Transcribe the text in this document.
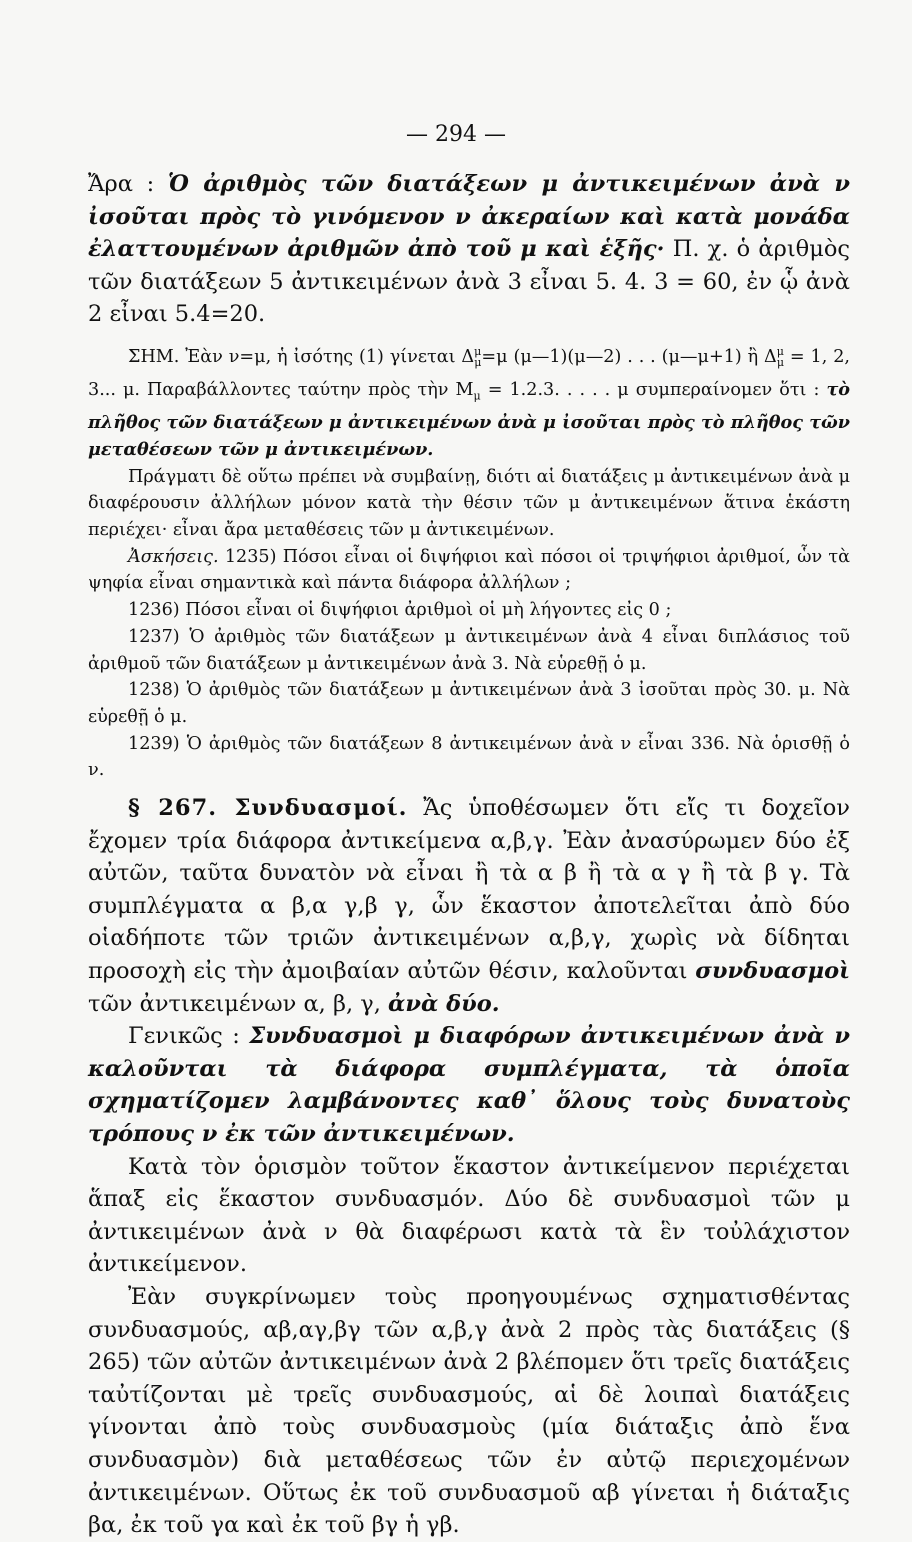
— 294 —

Ἄρα : Ὁ ἀριθμὸς τῶν διατάξεων μ ἀντικειμένων ἀνὰ ν ἰσοῦται πρὸς τὸ γινόμενον ν ἀκεραίων καὶ κατὰ μονάδα ἐλαττουμένων ἀριθμῶν ἀπὸ τοῦ μ καὶ ἑξῆς· Π. χ. ὁ ἀριθμὸς τῶν διατάξεων 5 ἀντικειμένων ἀνὰ 3 εἶναι 5. 4. 3 = 60, ἐν ᾧ ἀνὰ 2 εἶναι 5.4=20.

ΣΗΜ. Ἐὰν ν=μ, ἡ ἰσότης (1) γίνεται $\Delta^\mu_\mu=\mu$ (μ—1)(μ—2) . . . (μ—μ+1) ἢ $\Delta^\mu_\mu = 1$, 2, 3... μ. Παραβάλλοντες ταύτην πρὸς τὴν $M_\mu = 1.2.3$. . . . . μ συμπεραίνομεν ὅτι : τὸ πλῆθος τῶν διατάξεων μ ἀντικειμένων ἀνὰ μ ἰσοῦται πρὸς τὸ πλῆθος τῶν μεταθέσεων τῶν μ ἀντικειμένων.

Πράγματι δὲ οὕτω πρέπει νὰ συμβαίνῃ, διότι αἱ διατάξεις μ ἀντικειμένων ἀνὰ μ διαφέρουσιν ἀλλήλων μόνον κατὰ τὴν θέσιν τῶν μ ἀντικειμένων ἅτινα ἑκάστη περιέχει· εἶναι ἄρα μεταθέσεις τῶν μ ἀντικειμένων.

Ἀσκήσεις. 1235) Πόσοι εἶναι οἱ διψήφιοι καὶ πόσοι οἱ τριψήφιοι ἀριθμοί, ὧν τὰ ψηφία εἶναι σημαντικὰ καὶ πάντα διάφορα ἀλλήλων ;

1236) Πόσοι εἶναι οἱ διψήφιοι ἀριθμοὶ οἱ μὴ λήγοντες εἰς 0 ;

1237) Ὁ ἀριθμὸς τῶν διατάξεων μ ἀντικειμένων ἀνὰ 4 εἶναι διπλάσιος τοῦ ἀριθμοῦ τῶν διατάξεων μ ἀντικειμένων ἀνὰ 3. Νὰ εὑρεθῇ ὁ μ.

1238) Ὁ ἀριθμὸς τῶν διατάξεων μ ἀντικειμένων ἀνὰ 3 ἰσοῦται πρὸς 30. μ. Νὰ εὑρεθῇ ὁ μ.

1239) Ὁ ἀριθμὸς τῶν διατάξεων 8 ἀντικειμένων ἀνὰ ν εἶναι 336. Νὰ ὁρισθῇ ὁ ν.

§ 267. Συνδυασμοί. Ἄς ὑποθέσωμεν ὅτι εἴς τι δοχεῖον ἔχομεν τρία διάφορα ἀντικείμενα α,β,γ. Ἐὰν ἀνασύρωμεν δύο ἐξ αὐτῶν, ταῦτα δυνατὸν νὰ εἶναι ἢ τὰ α β ἢ τὰ α γ ἢ τὰ β γ. Τὰ συμπλέγματα α β,α γ,β γ, ὧν ἕκαστον ἀποτελεῖται ἀπὸ δύο οἱαδήποτε τῶν τριῶν ἀντικειμένων α,β,γ, χωρὶς νὰ δίδηται προσοχὴ εἰς τὴν ἀμοιβαίαν αὐτῶν θέσιν, καλοῦνται συνδυασμοὶ τῶν ἀντικειμένων α, β, γ, ἀνὰ δύο.

Γενικῶς : Συνδυασμοὶ μ διαφόρων ἀντικειμένων ἀνὰ ν καλοῦνται τὰ διάφορα συμπλέγματα, τὰ ὁποῖα σχηματίζομεν λαμβάνοντες καθ᾽ ὅλους τοὺς δυνατοὺς τρόπους ν ἐκ τῶν ἀντικειμένων.

Κατὰ τὸν ὁρισμὸν τοῦτον ἕκαστον ἀντικείμενον περιέχεται ἅπαξ εἰς ἕκαστον συνδυασμόν. Δύο δὲ συνδυασμοὶ τῶν μ ἀντικειμένων ἀνὰ ν θὰ διαφέρωσι κατὰ τὰ ἓν τοὐλάχιστον ἀντικείμενον.

Ἐὰν συγκρίνωμεν τοὺς προηγουμένως σχηματισθέντας συνδυασμούς, αβ,αγ,βγ τῶν α,β,γ ἀνὰ 2 πρὸς τὰς διατάξεις (§ 265) τῶν αὐτῶν ἀντικειμένων ἀνὰ 2 βλέπομεν ὅτι τρεῖς διατάξεις ταὐτίζονται μὲ τρεῖς συνδυασμούς, αἱ δὲ λοιπαὶ διατάξεις γίνονται ἀπὸ τοὺς συνδυασμοὺς (μία διάταξις ἀπὸ ἕνα συνδυασμὸν) διὰ μεταθέσεως τῶν ἐν αὐτῷ περιεχομένων ἀντικειμένων. Οὕτως ἐκ τοῦ συνδυασμοῦ αβ γίνεται ἡ διάταξις βα, ἐκ τοῦ γα καὶ ἐκ τοῦ βγ ἡ γβ.
